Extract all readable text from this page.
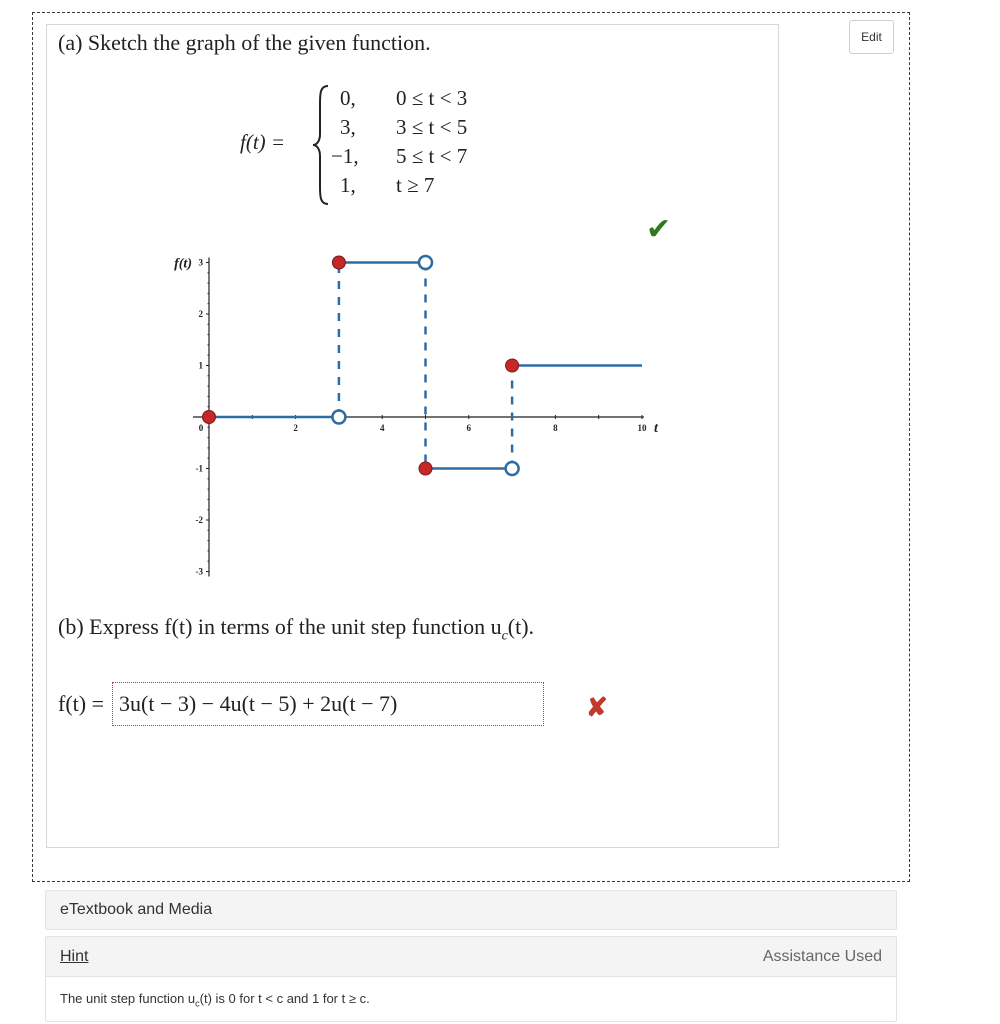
Edit
(a) Sketch the graph of the given function.
f(t) =
0, 0 ≤ t < 3
3, 3 ≤ t < 5
−1, 5 ≤ t < 7
1, t ≥ 7
✔
0	2	4	6	8	10
3
2
1
-1
-2
-3
f(t)
t
(b) Express f(t) in terms of the unit step function $u_c(t)$.
f(t) = 3u(t − 3) − 4u(t − 5) + 2u(t − 7)	✘
eTextbook and Media
Hint	Assistance Used
The unit step function $u_c(t)$ is 0 for t < c and 1 for t ≥ c.
